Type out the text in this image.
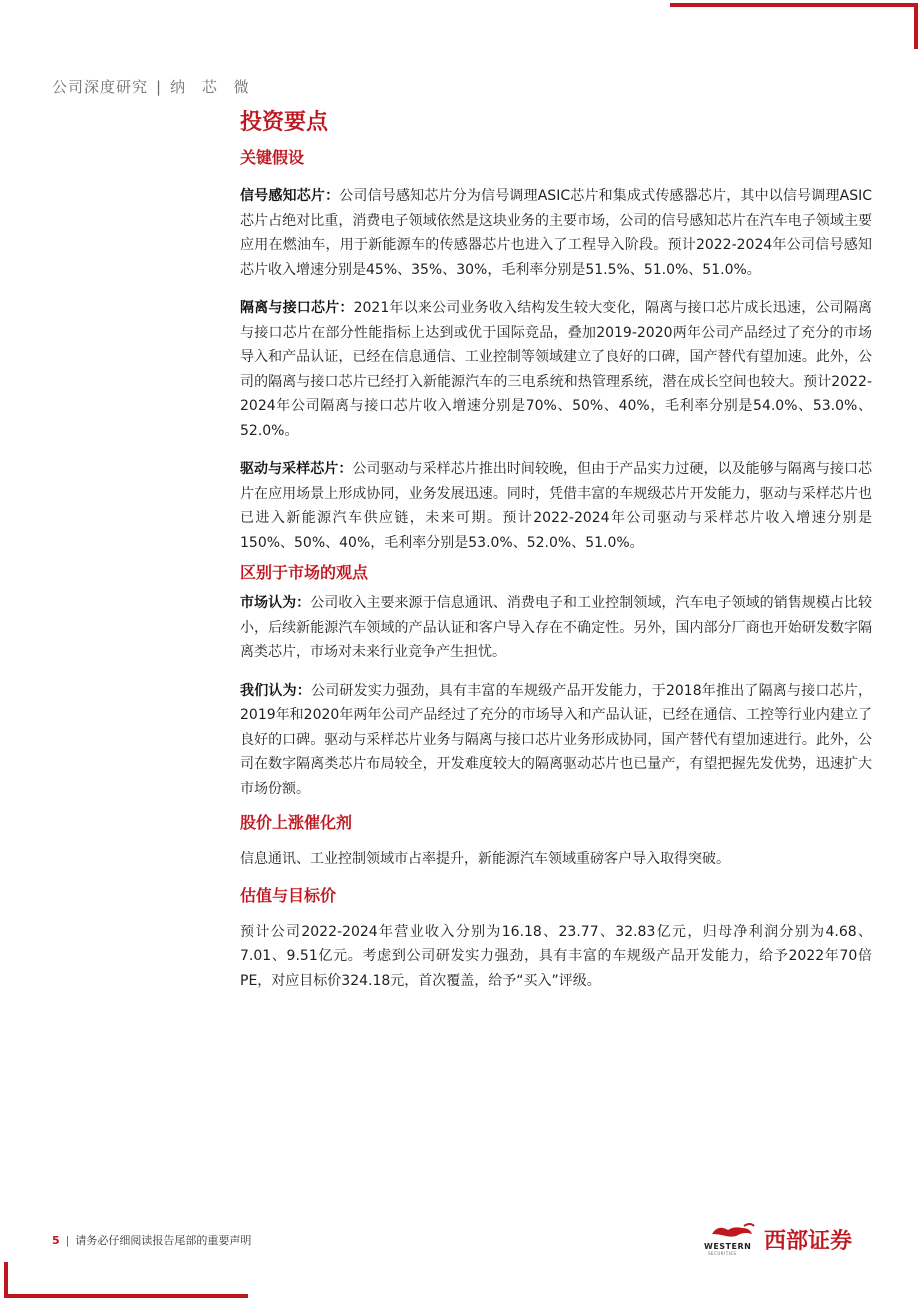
公司深度研究 | 纳 芯 微
投资要点
关键假设

信号感知芯片：公司信号感知芯片分为信号调理ASIC芯片和集成式传感器芯片，其中以信号调理ASIC芯片占绝对比重，消费电子领域依然是这块业务的主要市场，公司的信号感知芯片在汽车电子领域主要应用在燃油车，用于新能源车的传感器芯片也进入了工程导入阶段。预计2022-2024年公司信号感知芯片收入增速分别是45%、35%、30%，毛利率分别是51.5%、51.0%、51.0%。

隔离与接口芯片：2021年以来公司业务收入结构发生较大变化，隔离与接口芯片成长迅速，公司隔离与接口芯片在部分性能指标上达到或优于国际竞品，叠加2019-2020两年公司产品经过了充分的市场导入和产品认证，已经在信息通信、工业控制等领域建立了良好的口碑，国产替代有望加速。此外，公司的隔离与接口芯片已经打入新能源汽车的三电系统和热管理系统，潜在成长空间也较大。预计2022-2024年公司隔离与接口芯片收入增速分别是70%、50%、40%，毛利率分别是54.0%、53.0%、52.0%。

驱动与采样芯片：公司驱动与采样芯片推出时间较晚，但由于产品实力过硬，以及能够与隔离与接口芯片在应用场景上形成协同，业务发展迅速。同时，凭借丰富的车规级芯片开发能力，驱动与采样芯片也已进入新能源汽车供应链，未来可期。预计2022-2024年公司驱动与采样芯片收入增速分别是150%、50%、40%，毛利率分别是53.0%、52.0%、51.0%。

区别于市场的观点

市场认为：公司收入主要来源于信息通讯、消费电子和工业控制领域，汽车电子领域的销售规模占比较小，后续新能源汽车领域的产品认证和客户导入存在不确定性。另外，国内部分厂商也开始研发数字隔离类芯片，市场对未来行业竞争产生担忧。

我们认为：公司研发实力强劲，具有丰富的车规级产品开发能力，于2018年推出了隔离与接口芯片，2019年和2020年两年公司产品经过了充分的市场导入和产品认证，已经在通信、工控等行业内建立了良好的口碑。驱动与采样芯片业务与隔离与接口芯片业务形成协同，国产替代有望加速进行。此外，公司在数字隔离类芯片布局较全，开发难度较大的隔离驱动芯片也已量产，有望把握先发优势，迅速扩大市场份额。

股价上涨催化剂

信息通讯、工业控制领域市占率提升，新能源汽车领域重磅客户导入取得突破。

估值与目标价

预计公司2022-2024年营业收入分别为16.18、23.77、32.83亿元，归母净利润分别为4.68、7.01、9.51亿元。考虑到公司研发实力强劲，具有丰富的车规级产品开发能力，给予2022年70倍PE，对应目标价324.18元，首次覆盖，给予“买入”评级。

5 | 请务必仔细阅读报告尾部的重要声明	WESTERN
SECURITIES 西部证券
